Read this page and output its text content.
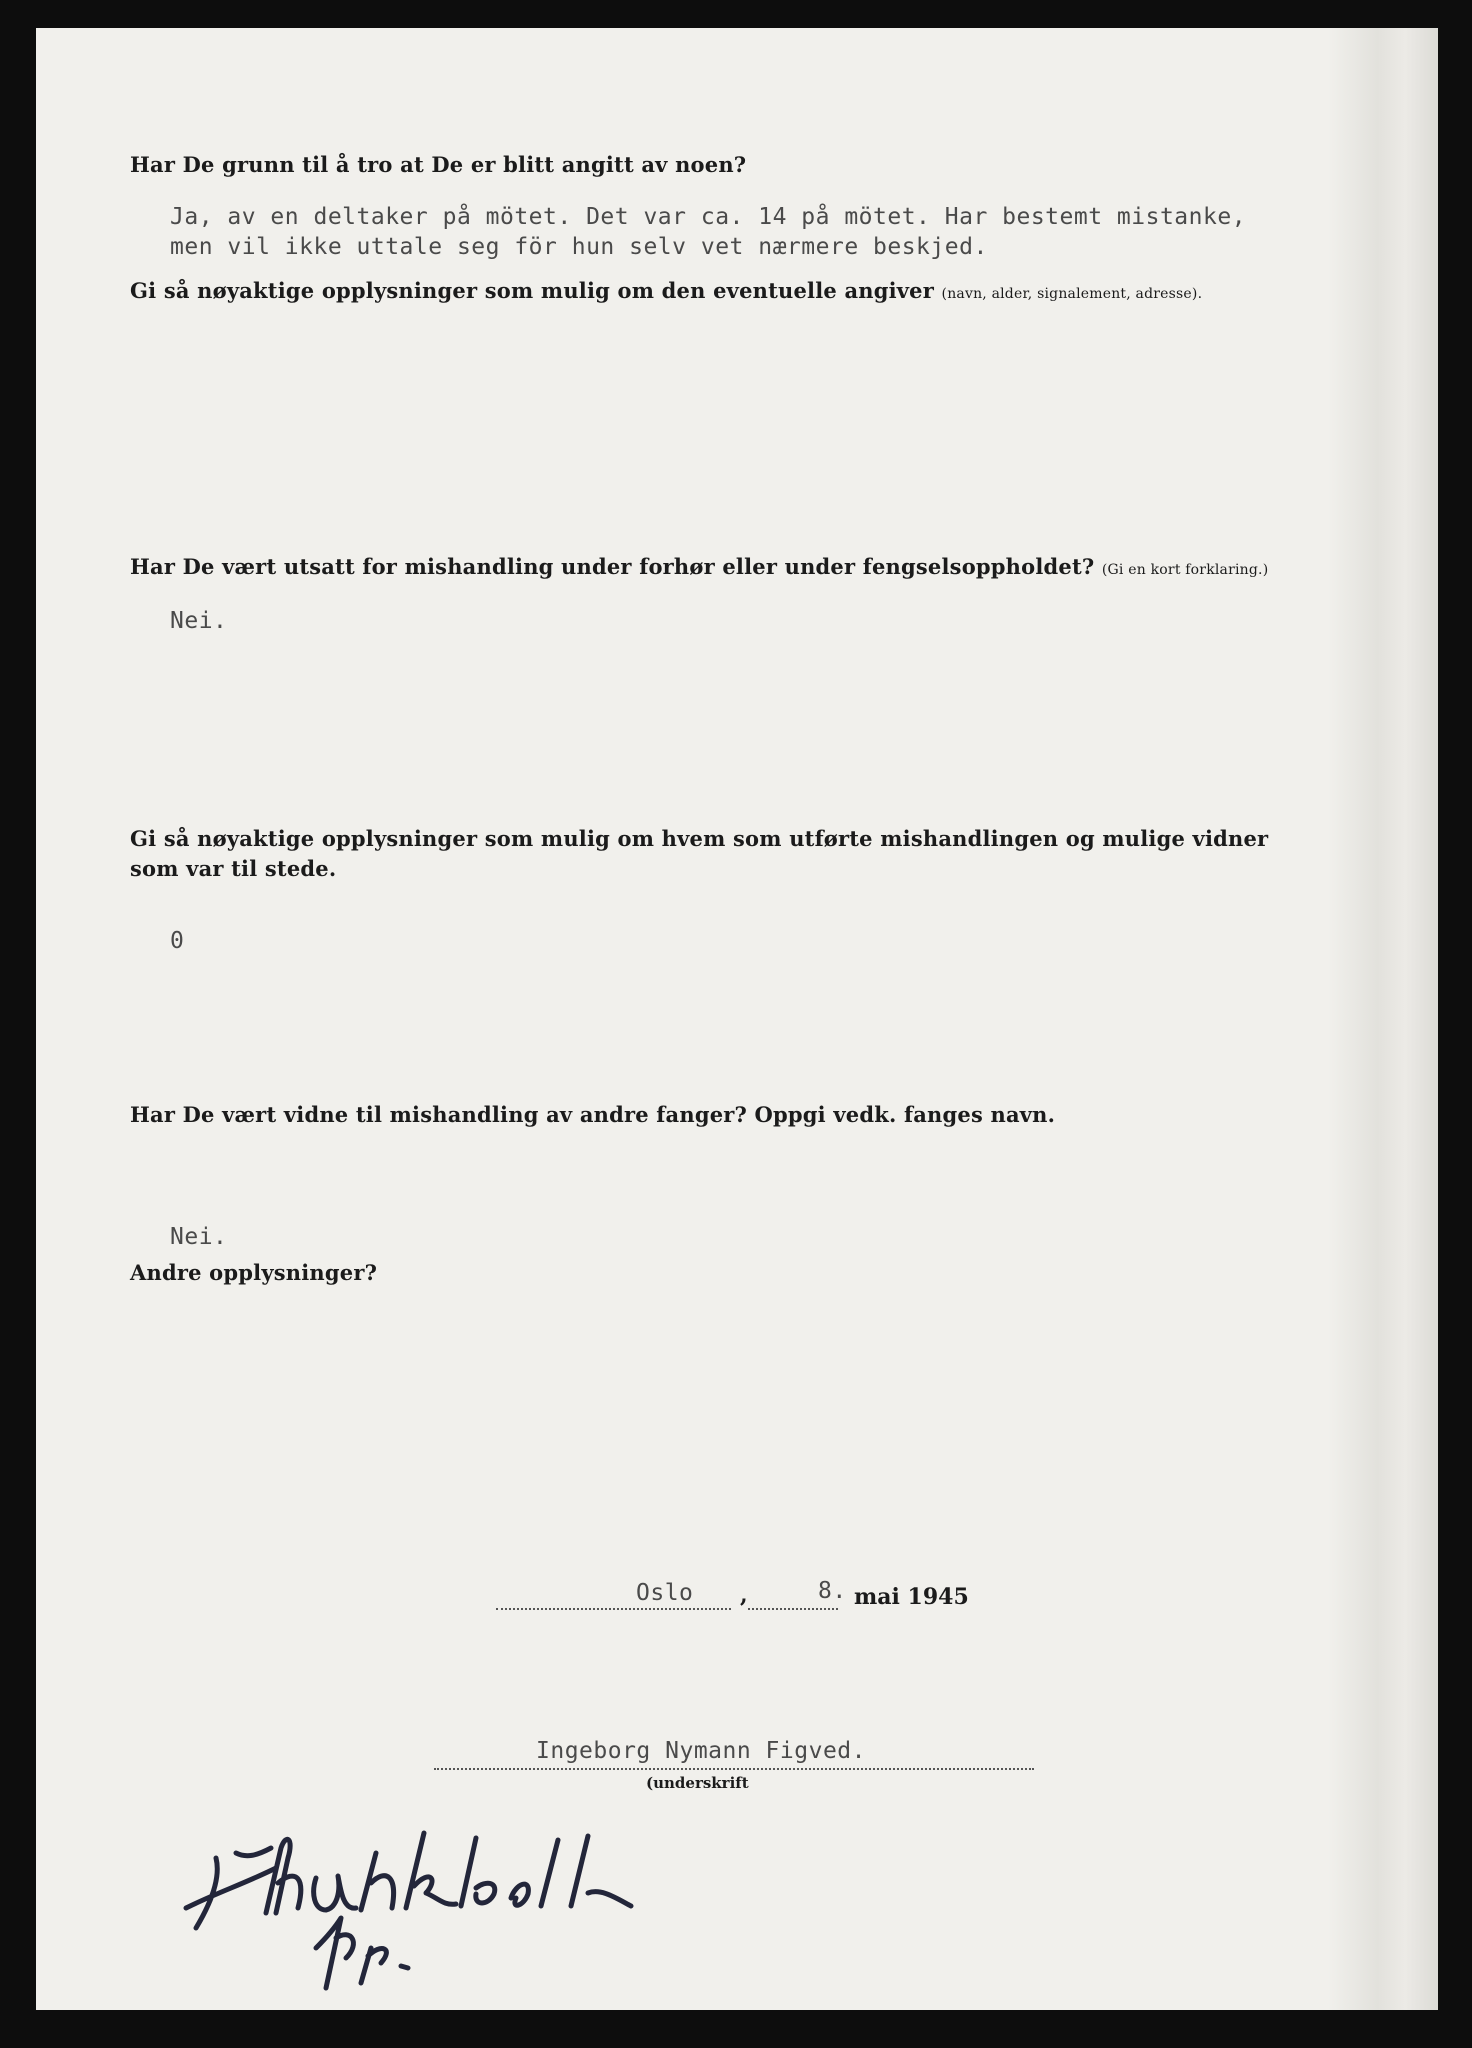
Har De grunn til å tro at De er blitt angitt av noen?
Ja, av en deltaker på mötet. Det var ca. 14 på mötet. Har bestemt mistanke,
men vil ikke uttale seg för hun selv vet nærmere beskjed.
Gi så nøyaktige opplysninger som mulig om den eventuelle angiver (navn, alder, signalement, adresse).
Har De vært utsatt for mishandling under forhør eller under fengselsoppholdet? (Gi en kort forklaring.)
Nei.
Gi så nøyaktige opplysninger som mulig om hvem som utførte mishandlingen og mulige vidner
som var til stede.
0
Har De vært vidne til mishandling av andre fanger? Oppgi vedk. fanges navn.
Nei.
Andre opplysninger?
Oslo ,	8. mai 1945
Ingeborg Nymann Figved.
(underskrift
